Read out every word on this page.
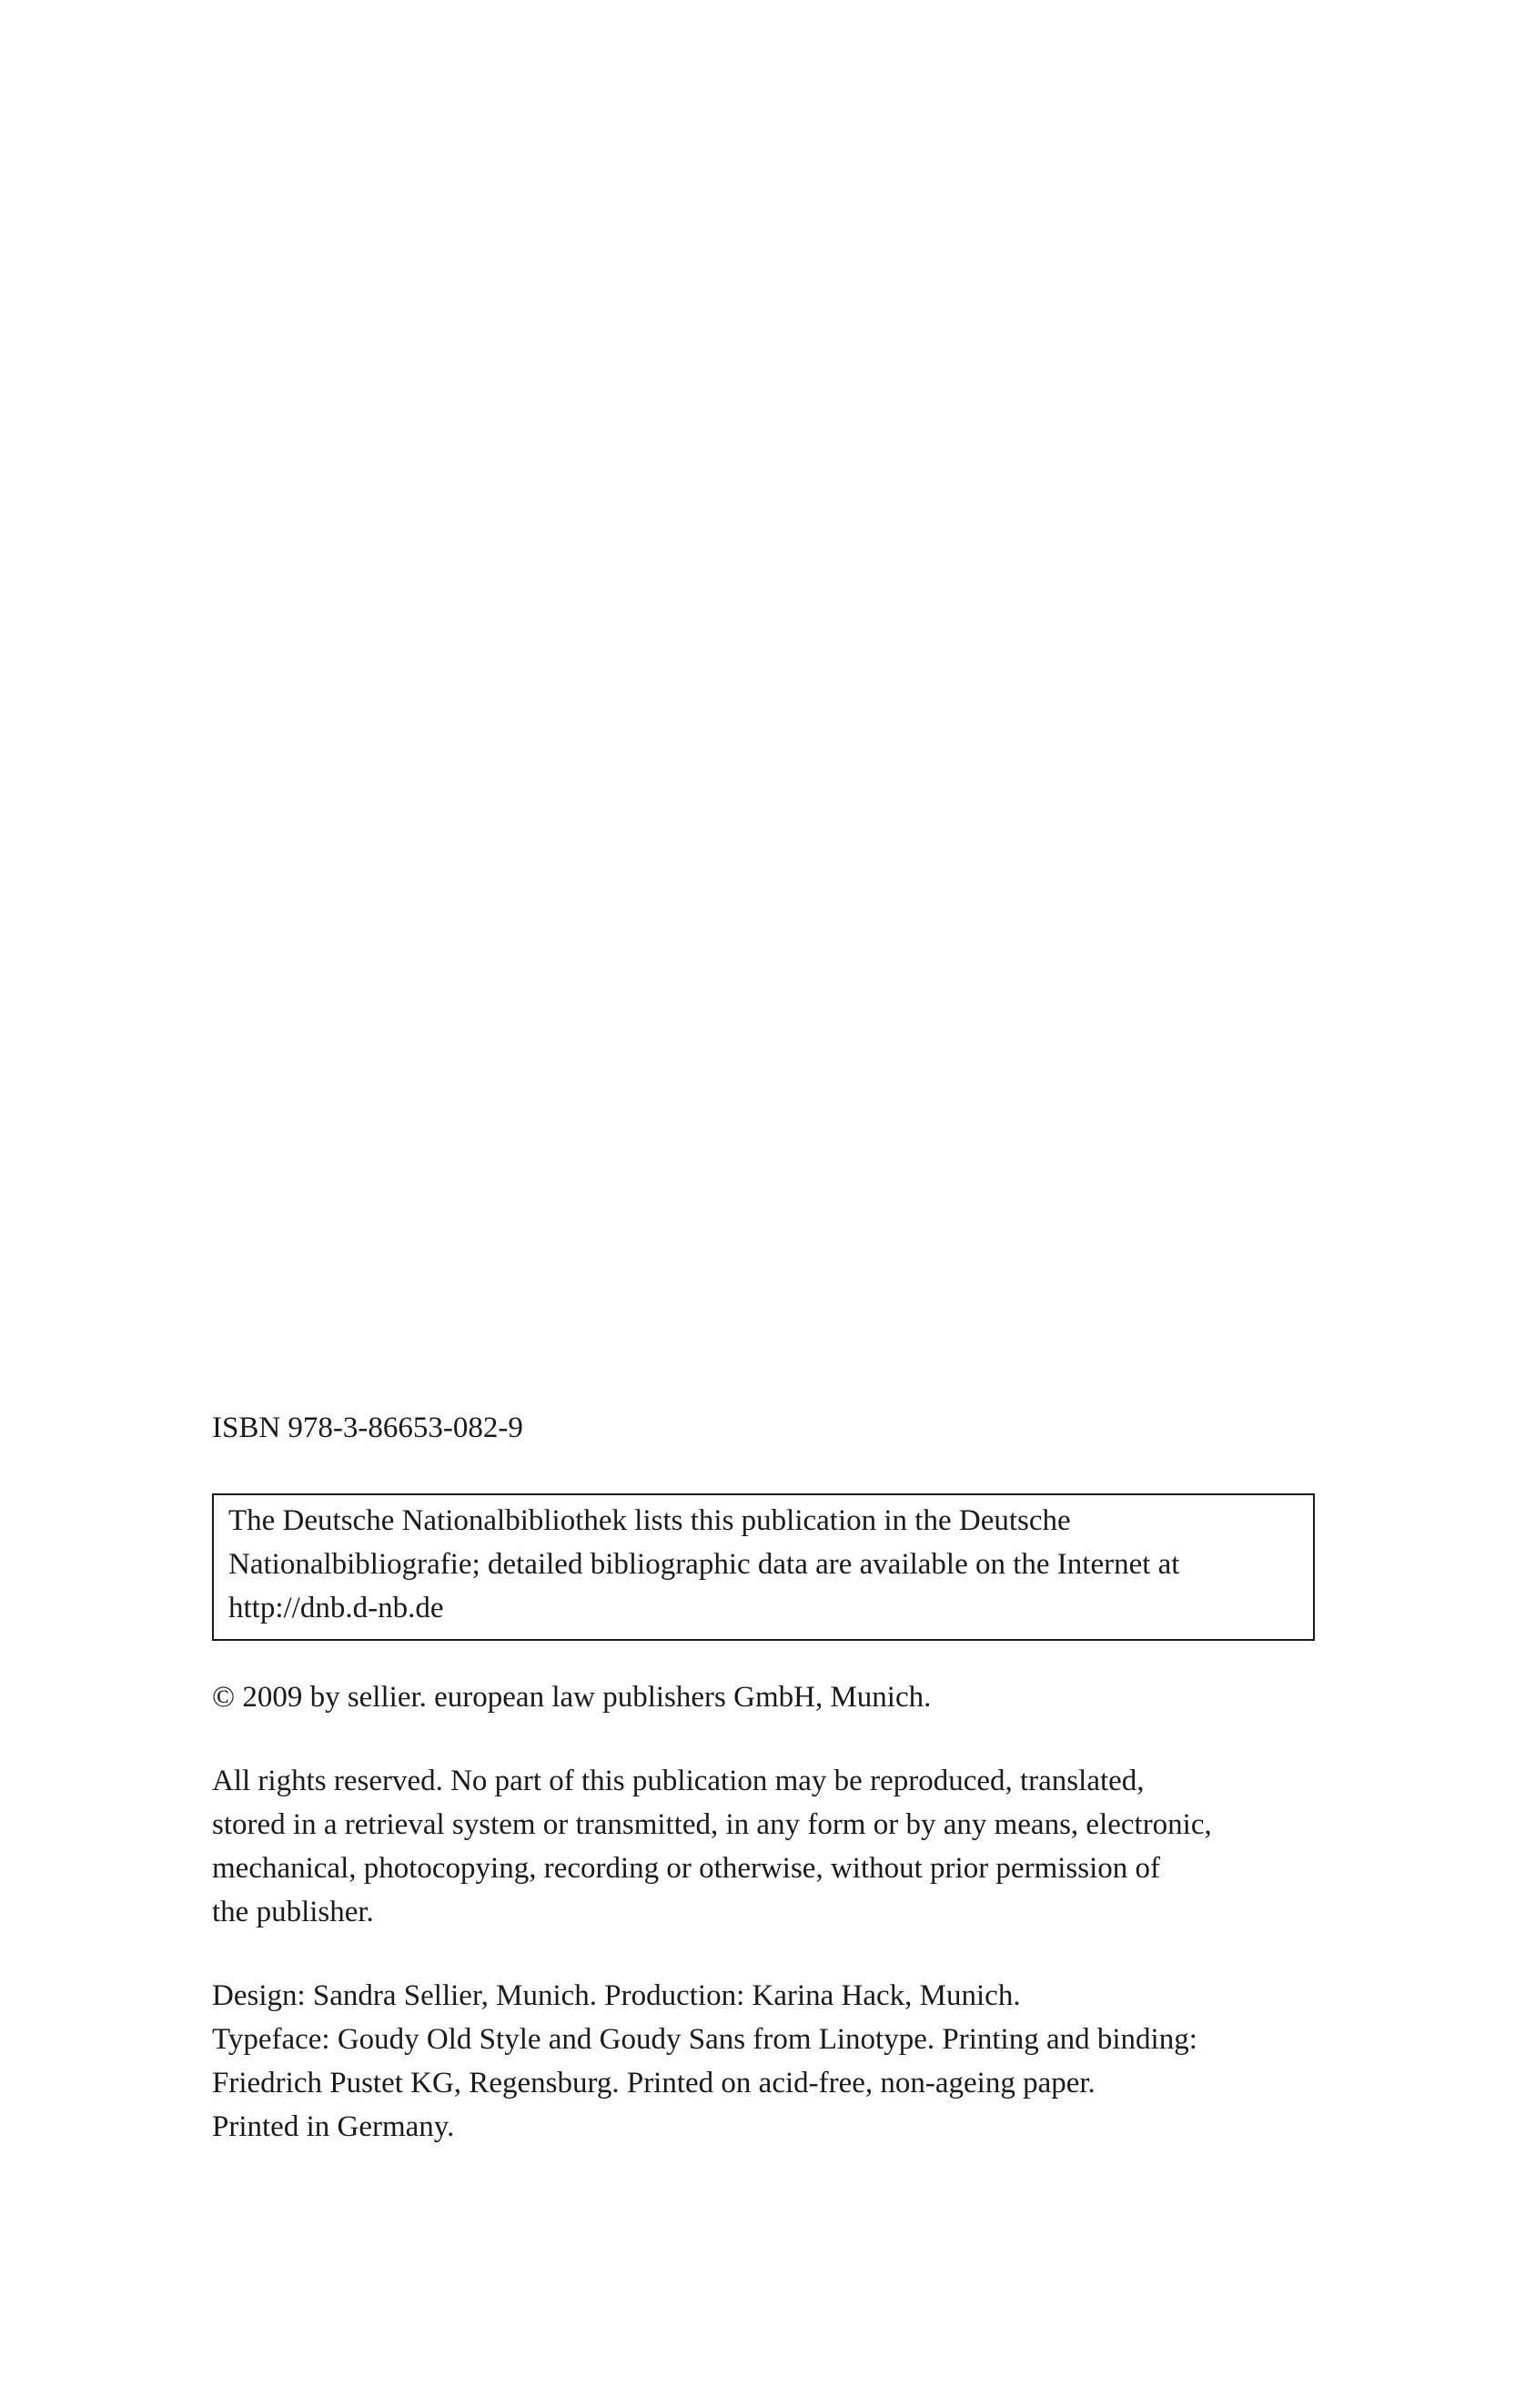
ISBN 978-3-86653-082-9

The Deutsche Nationalbibliothek lists this publication in the Deutsche
Nationalbibliografie; detailed bibliographic data are available on the Internet at
http://dnb.d-nb.de

© 2009 by sellier. european law publishers GmbH, Munich.

All rights reserved. No part of this publication may be reproduced, translated,
stored in a retrieval system or transmitted, in any form or by any means, electronic,
mechanical, photocopying, recording or otherwise, without prior permission of
the publisher.

Design: Sandra Sellier, Munich. Production: Karina Hack, Munich.
Typeface: Goudy Old Style and Goudy Sans from Linotype. Printing and binding:
Friedrich Pustet KG, Regensburg. Printed on acid-free, non-ageing paper.
Printed in Germany.
